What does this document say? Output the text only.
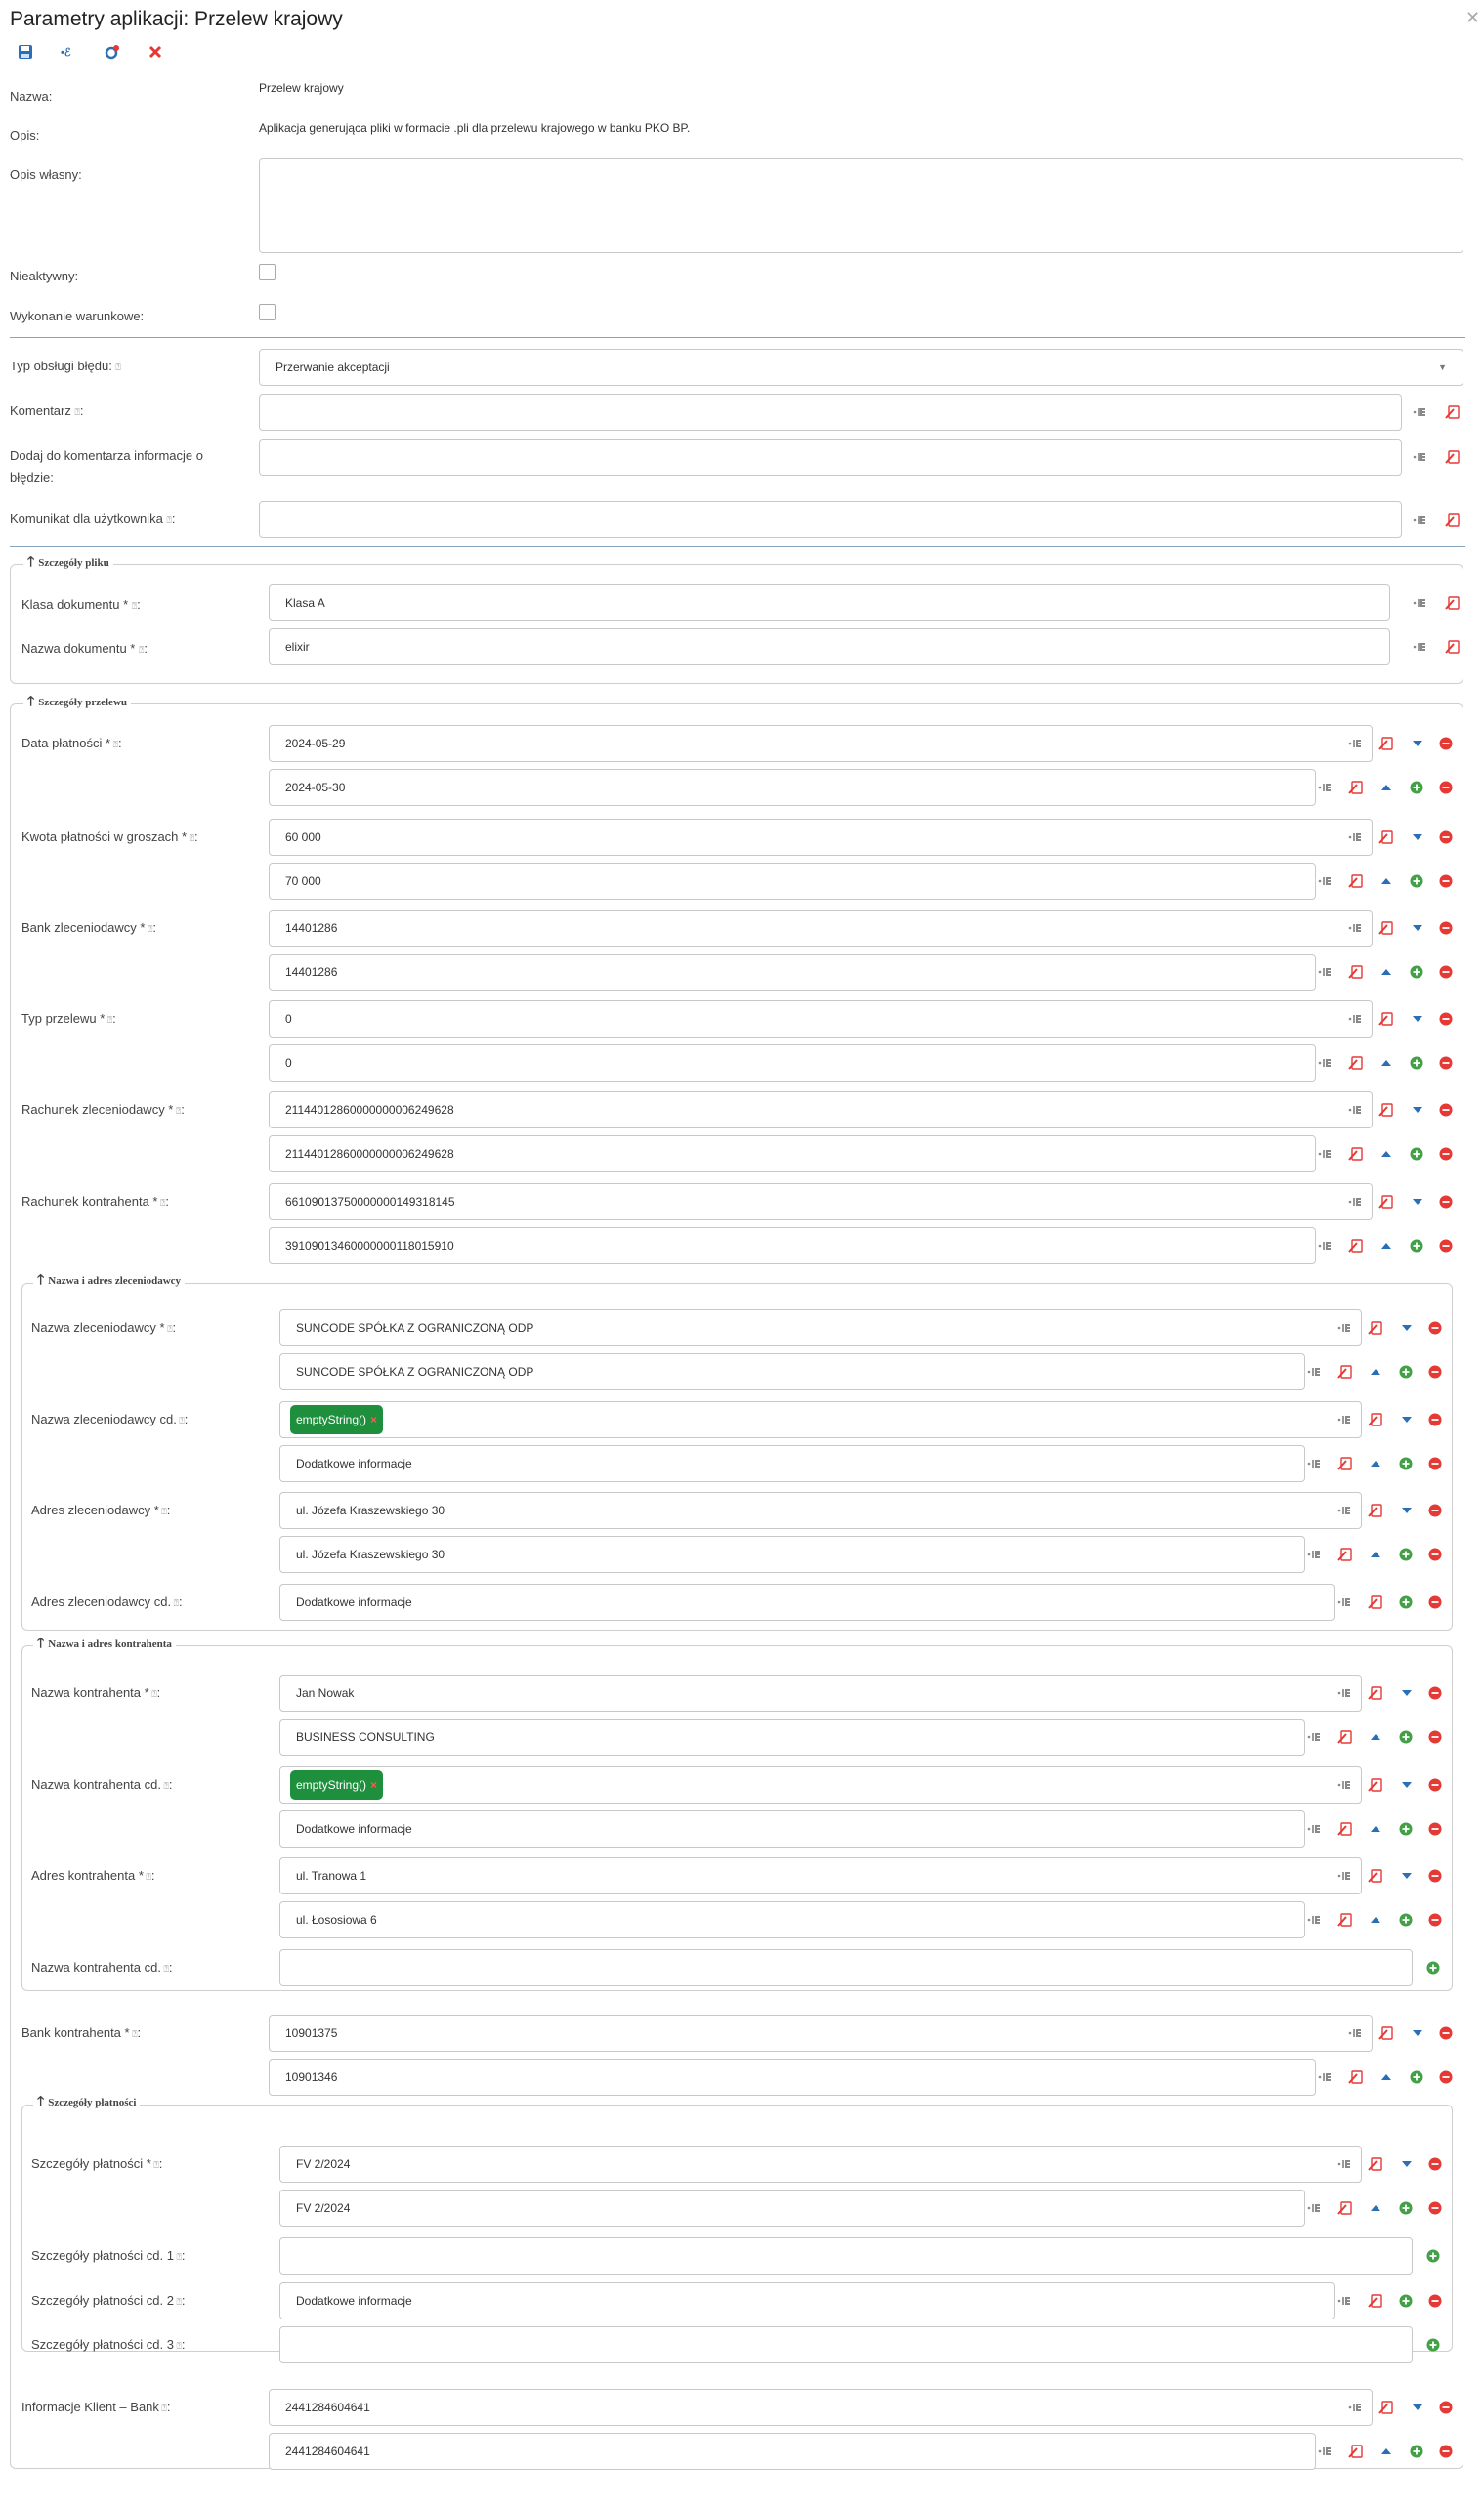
Parametry aplikacji: Przelew krajowy	✕
•ℰ
Nazwa:
Przelew krajowy
Opis:	Aplikacja generująca pliki w formacie .pli dla przelewu krajowego w banku PKO BP.
Opis własny:
Nieaktywny:
Wykonanie warunkowe:
Typ obsługi błędu: ⍰	Przerwanie akceptacji	▼
Komentarz ⍰:
Dodaj do komentarza informacje o
błędzie:
Komunikat dla użytkownika ⍰:
🡑 Szczegóły pliku
Klasa dokumentu * ⍰:	Klasa A
Nazwa dokumentu * ⍰:	elixir
🡑 Szczegóły przelewu
🡑 Nazwa i adres zleceniodawcy
🡑 Nazwa i adres kontrahenta
🡑 Szczegóły płatności
Data płatności * ⍰:	2024-05-29
2024-05-30
Kwota płatności w groszach * ⍰:	60 000
70 000
Bank zleceniodawcy * ⍰:	14401286
14401286
Typ przelewu * ⍰:	0
0
Rachunek zleceniodawcy * ⍰:	21144012860000000006249628
21144012860000000006249628
Rachunek kontrahenta * ⍰:	66109013750000000149318145
39109013460000000118015910
Nazwa zleceniodawcy * ⍰:	SUNCODE SPÓŁKA Z OGRANICZONĄ ODP
SUNCODE SPÓŁKA Z OGRANICZONĄ ODP
Nazwa zleceniodawcy cd. ⍰:	emptyString() ×
Dodatkowe informacje
Adres zleceniodawcy * ⍰:	ul. Józefa Kraszewskiego 30
ul. Józefa Kraszewskiego 30
Adres zleceniodawcy cd. ⍰:	Dodatkowe informacje
Nazwa kontrahenta * ⍰:	Jan Nowak
BUSINESS CONSULTING
Nazwa kontrahenta cd. ⍰:	emptyString() ×
Dodatkowe informacje
Adres kontrahenta * ⍰:	ul. Tranowa 1
ul. Łososiowa 6
Nazwa kontrahenta cd. ⍰:
Bank kontrahenta * ⍰:	10901375
10901346
Szczegóły płatności * ⍰:	FV 2/2024
FV 2/2024
Szczegóły płatności cd. 1 ⍰:
Szczegóły płatności cd. 2 ⍰:	Dodatkowe informacje
Szczegóły płatności cd. 3 ⍰:
Informacje Klient – Bank ⍰:	2441284604641
2441284604641
